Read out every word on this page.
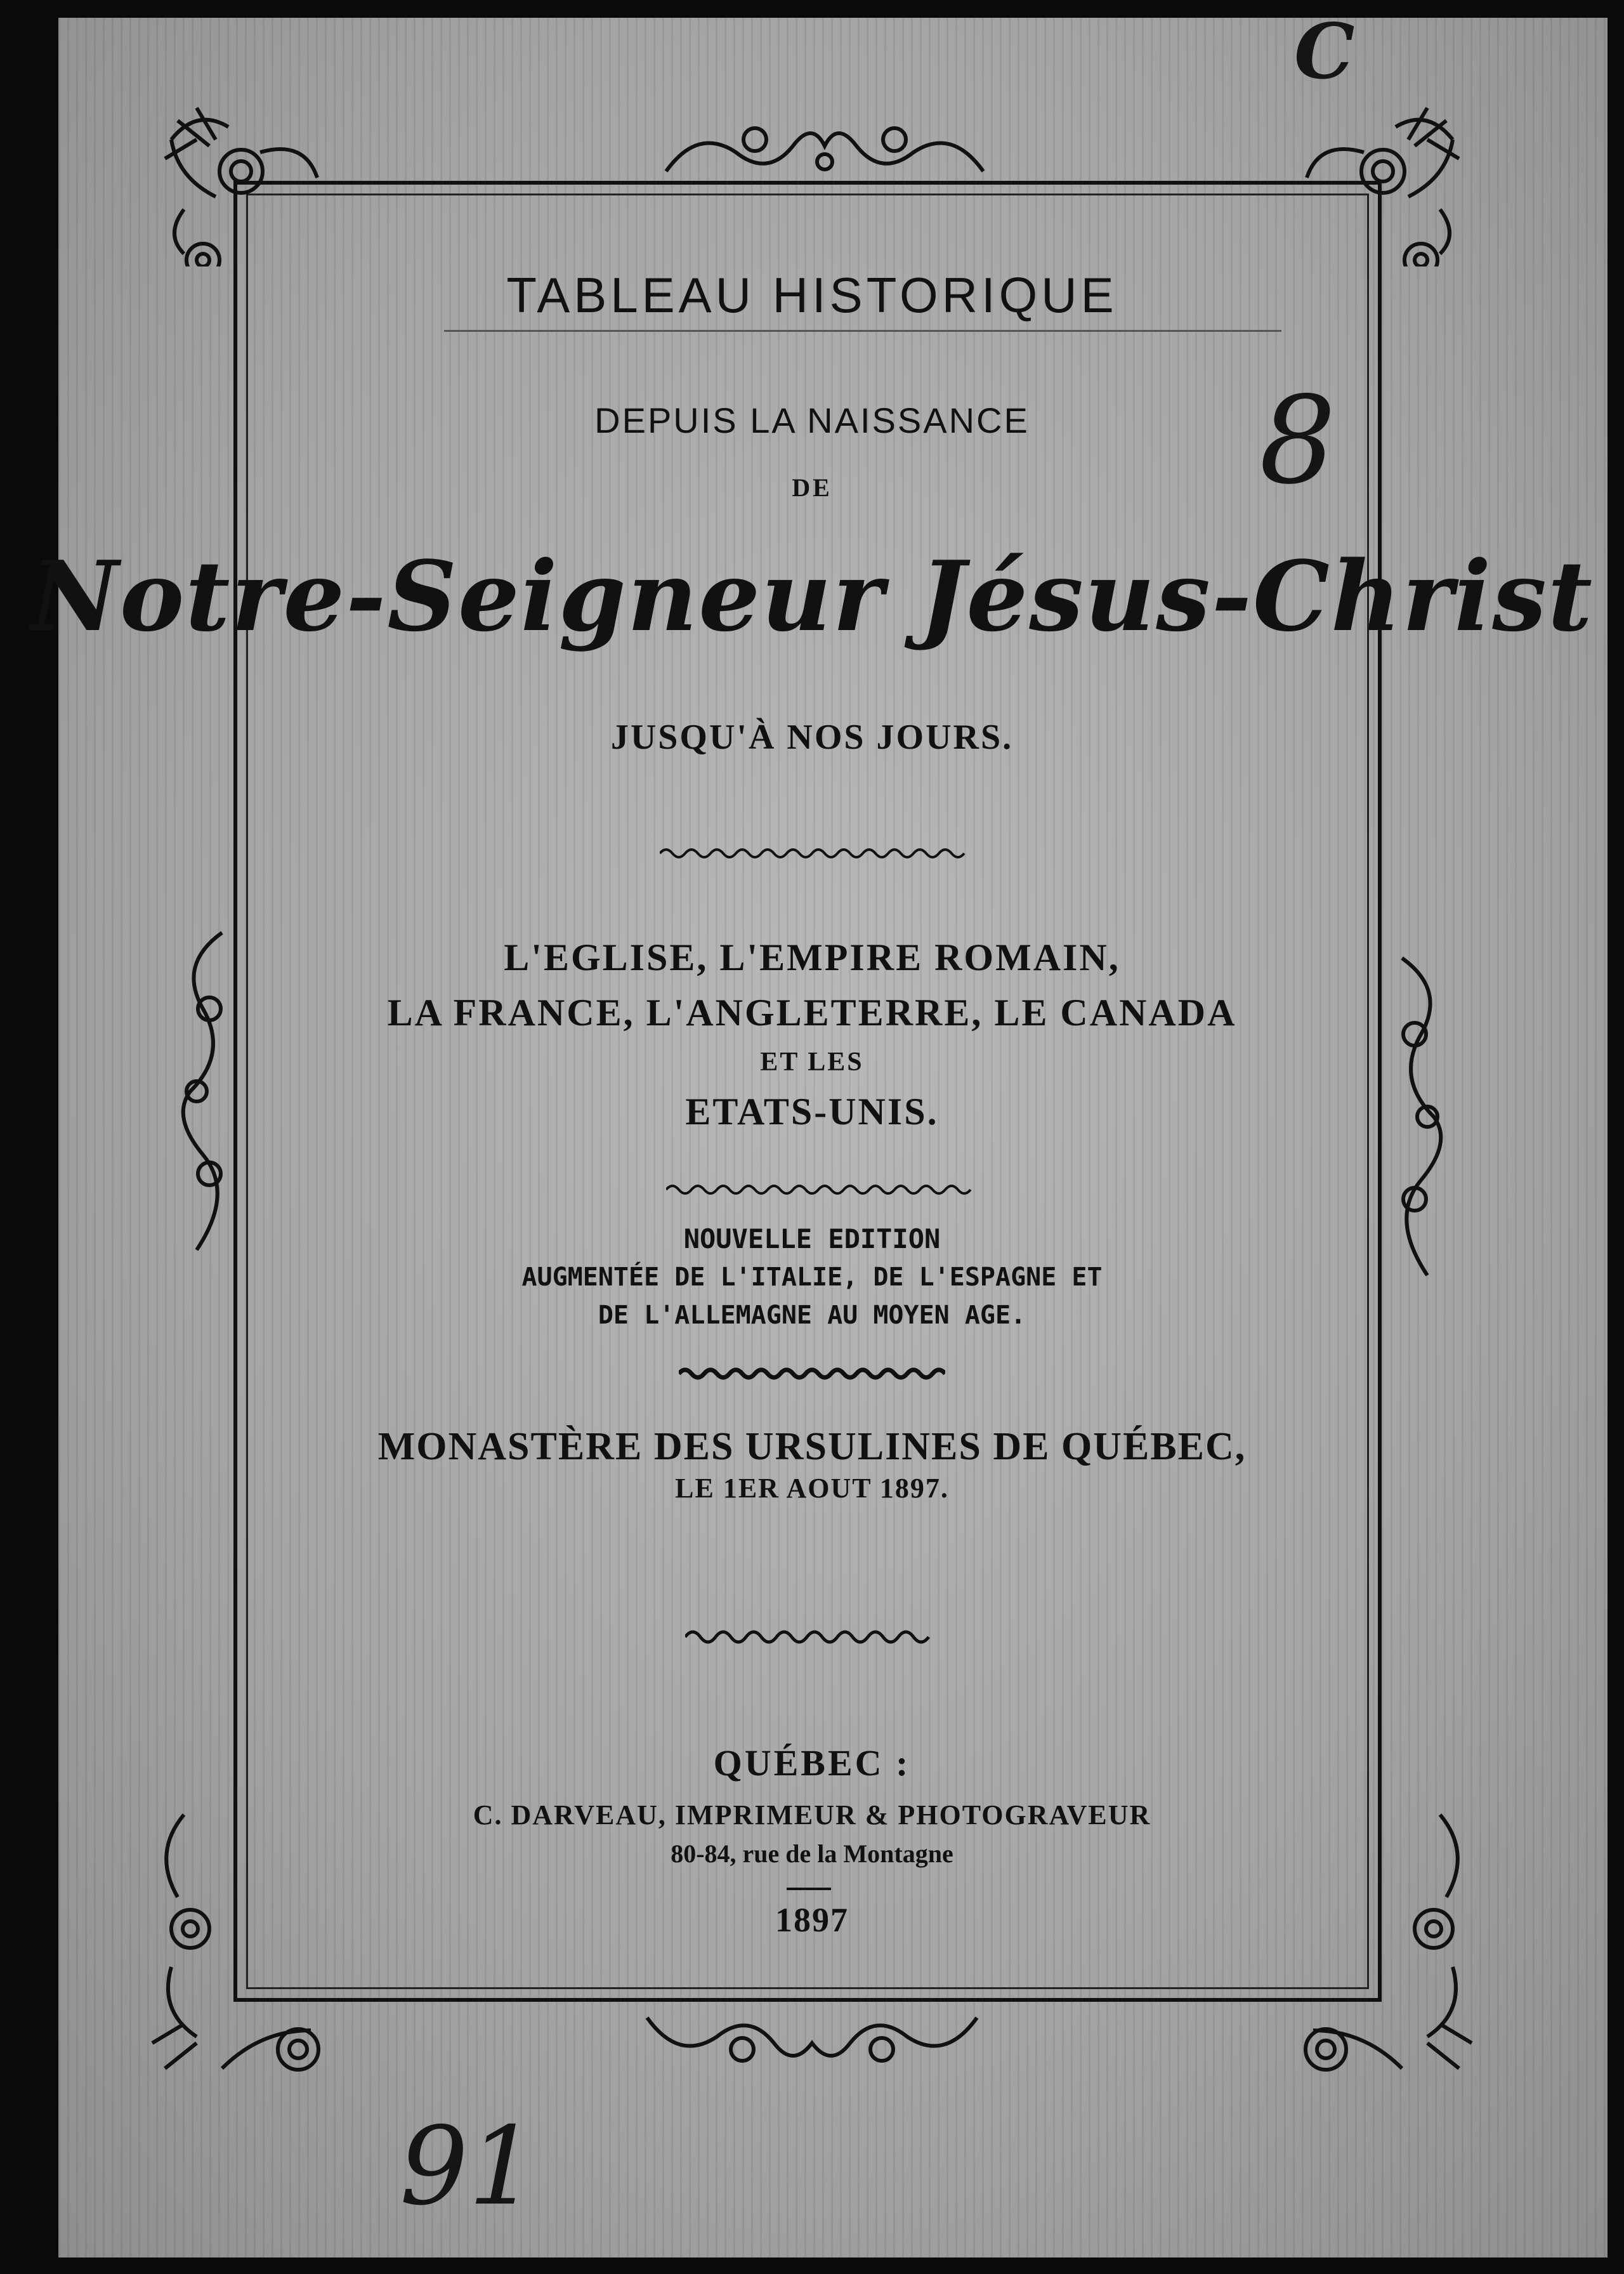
TABLEAU HISTORIQUE
DEPUIS LA NAISSANCE
DE
Notre-Seigneur Jésus-Christ
JUSQU'À NOS JOURS.
L'EGLISE, L'EMPIRE ROMAIN,
LA FRANCE, L'ANGLETERRE, LE CANADA
ET LES
ETATS-UNIS.
NOUVELLE EDITION
AUGMENTÉE DE L'ITALIE, DE L'ESPAGNE ET
DE L'ALLEMAGNE AU MOYEN AGE.
MONASTÈRE DES URSULINES DE QUÉBEC,
LE 1ER AOUT 1897.
QUÉBEC :
C. DARVEAU, IMPRIMEUR & PHOTOGRAVEUR
80-84, rue de la Montagne
1897
C
8
91
